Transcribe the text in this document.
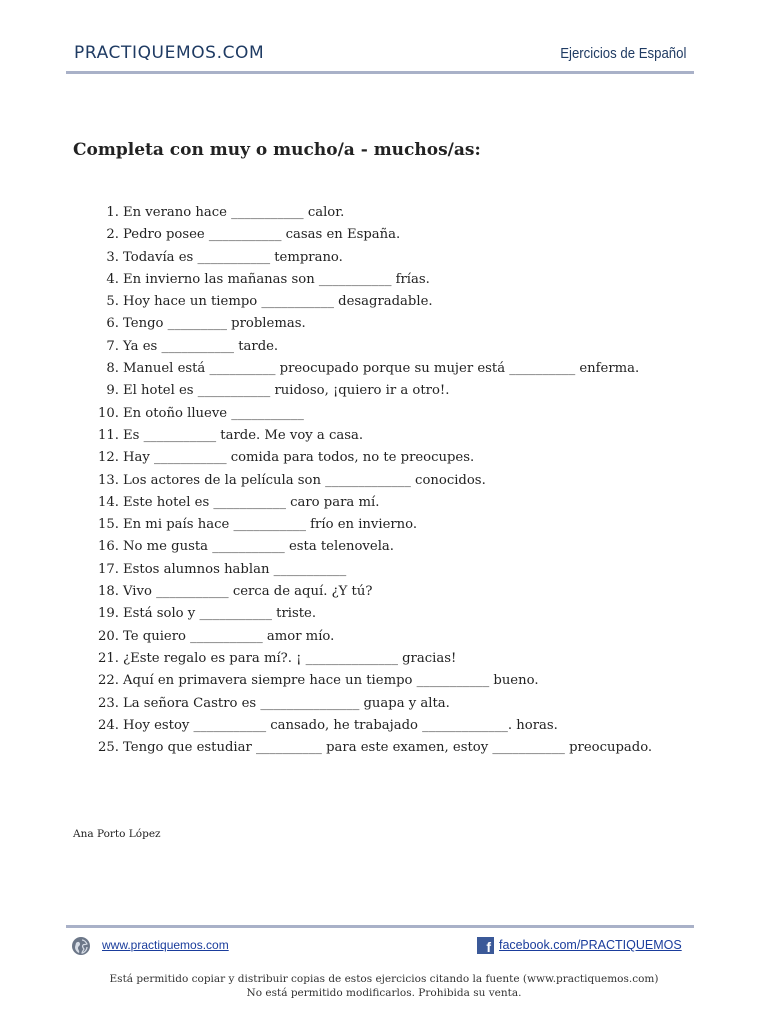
PRACTIQUEMOS.COM	Ejercicios de Español
Completa con muy o mucho/a - muchos/as:
1. En verano hace ___________ calor.
2. Pedro posee ___________ casas en España.
3. Todavía es ___________ temprano.
4. En invierno las mañanas son ___________ frías.
5. Hoy hace un tiempo ___________ desagradable.
6. Tengo _________ problemas.
7. Ya es ___________ tarde.
8. Manuel está __________ preocupado porque su mujer está __________ enferma.
9. El hotel es ___________ ruidoso, ¡quiero ir a otro!.
10. En otoño llueve ___________
11. Es ___________ tarde. Me voy a casa.
12. Hay ___________ comida para todos, no te preocupes.
13. Los actores de la película son _____________ conocidos.
14. Este hotel es ___________ caro para mí.
15. En mi país hace ___________ frío en invierno.
16. No me gusta ___________ esta telenovela.
17. Estos alumnos hablan ___________
18. Vivo ___________ cerca de aquí. ¿Y tú?
19. Está solo y ___________ triste.
20. Te quiero ___________ amor mío.
21. ¿Este regalo es para mí?. ¡ ______________ gracias!
22. Aquí en primavera siempre hace un tiempo ___________ bueno.
23. La señora Castro es _______________ guapa y alta.
24. Hoy estoy ___________ cansado, he trabajado _____________. horas.
25. Tengo que estudiar __________ para este examen, estoy ___________ preocupado.
Ana Porto López
www.practiquemos.com	f facebook.com/PRACTIQUEMOS
Está permitido copiar y distribuir copias de estos ejercicios citando la fuente (www.practiquemos.com)
No está permitido modificarlos. Prohibida su venta.
